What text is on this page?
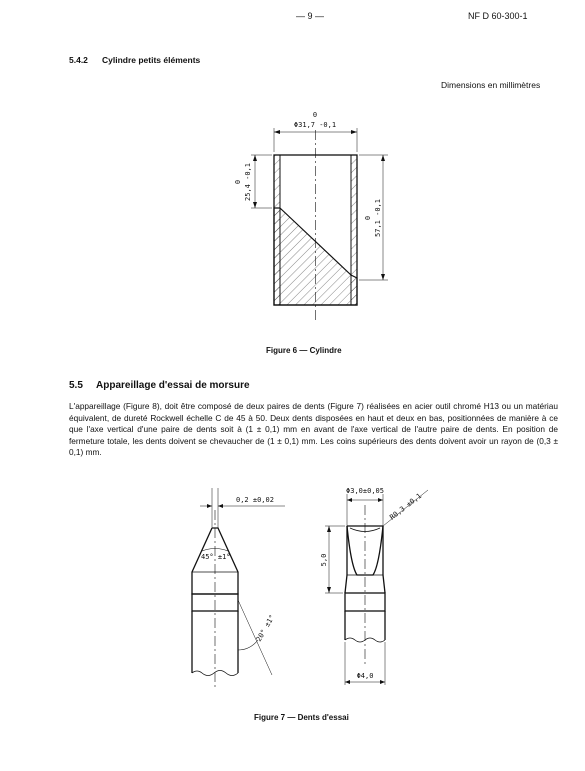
— 9 —	NF D 60-300-1
5.4.2 Cylindre petits éléments
Dimensions en millimètres
0
Φ31,7 -0,1
25,4 -0,1
0
57,1 -0,1
0
Figure 6 — Cylindre
5.5 Appareillage d'essai de morsure
L'appareillage (Figure 8), doit être composé de deux paires de dents (Figure 7) réalisées en acier outil chromé H13 ou un matériau équivalent, de dureté Rockwell échelle C de 45 à 50. Deux dents disposées en haut et deux en bas, positionnées de manière à ce que l'axe vertical d'une paire de dents soit à (1 ± 0,1) mm en avant de l'axe vertical de l'autre paire de dents. En position de fermeture totale, les dents doivent se chevaucher de (1 ± 0,1) mm. Les coins supérieurs des dents doivent avoir un rayon de (0,3 ± 0,1) mm.
0,2 ±0,02
45° ±1°
20° ±1°
Φ3,0±0,05
R0,3 ±0,1
5,0
Φ4,0
Figure 7 — Dents d'essai
